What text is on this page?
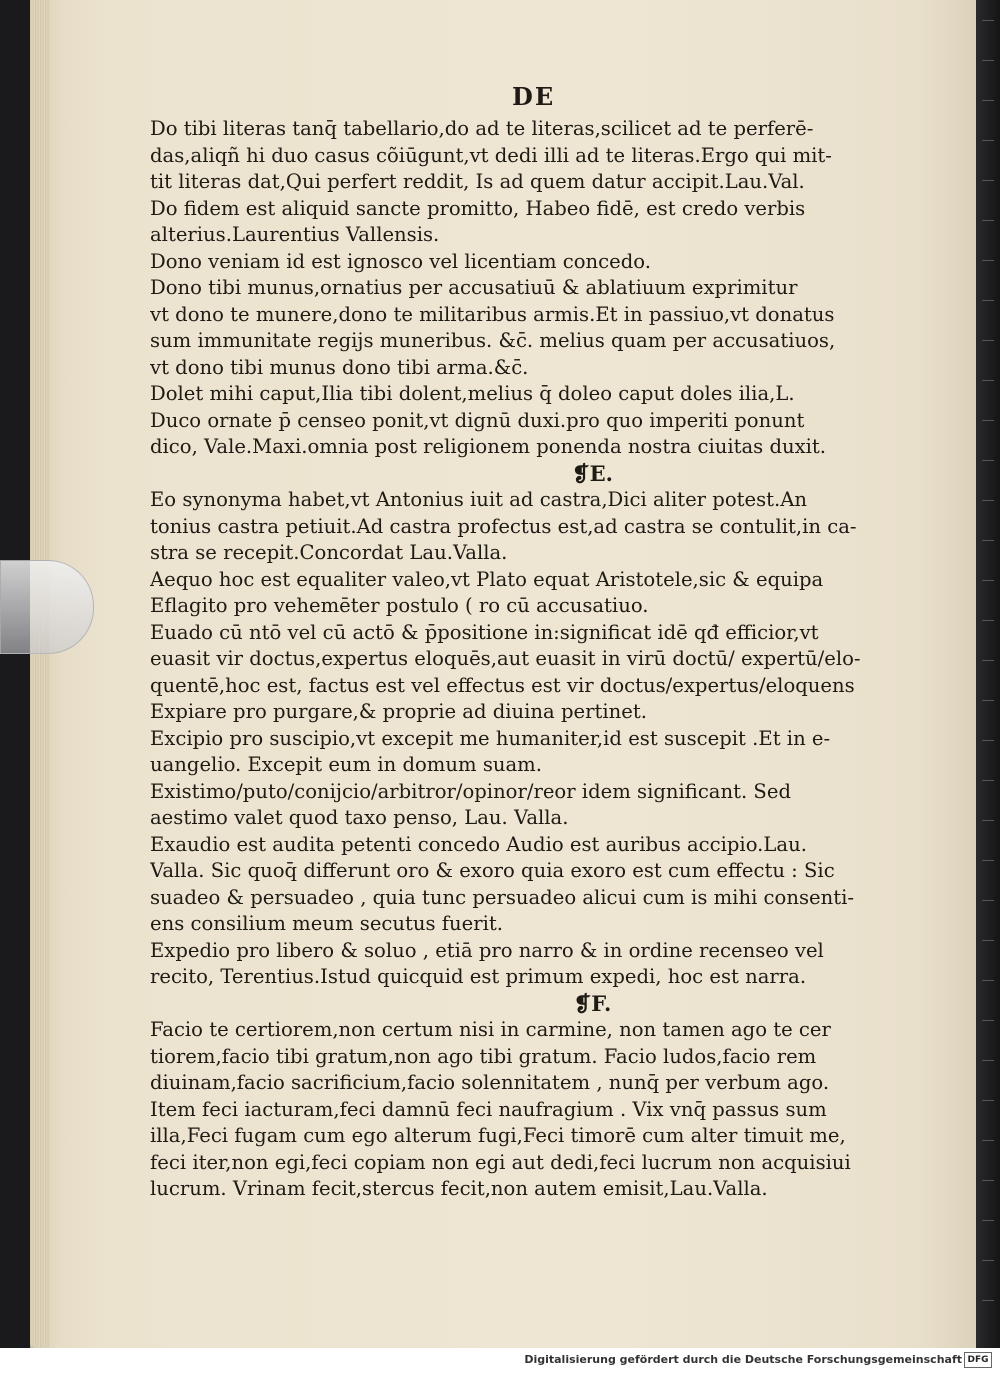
DE
Do tibi literas tanq̄ tabellario,do ad te literas,scilicet ad te perferē-
das,aliqñ hi duo casus cõiūgunt,vt dedi illi ad te literas.Ergo qui mit-
tit literas dat,Qui perfert reddit, Is ad quem datur accipit.Lau.Val.
Do fidem est aliquid sancte promitto, Habeo fidē, est credo verbis
alterius.Laurentius Vallensis.
Dono veniam id est ignosco vel licentiam concedo.
Dono tibi munus,ornatius per accusatiuū & ablatiuum exprimitur
vt dono te munere,dono te militaribus armis.Et in passiuo,vt donatus
sum immunitate regijs muneribus. &c̄. melius quam per accusatiuos,
vt dono tibi munus dono tibi arma.&c̄.
Dolet mihi caput,Ilia tibi dolent,melius q̄ doleo caput doles ilia,L.
Duco ornate p̄ censeo ponit,vt dignū duxi.pro quo imperiti ponunt
dico, Vale.Maxi.omnia post religionem ponenda nostra ciuitas duxit.
❡E.
Eo synonyma habet,vt Antonius iuit ad castra,Dici aliter potest.An
tonius castra petiuit.Ad castra profectus est,ad castra se contulit,in ca-
stra se recepit.Concordat Lau.Valla.
Aequo hoc est equaliter valeo,vt Plato equat Aristotele,sic & equipa
Eflagito pro vehemēter postulo ( ro cū accusatiuo.
Euado cū ntō vel cū actō & p̄positione in:significat idē qđ efficior,vt
euasit vir doctus,expertus eloquēs,aut euasit in virū doctū/ expertū/elo-
quentē,hoc est, factus est vel effectus est vir doctus/expertus/eloquens
Expiare pro purgare,& proprie ad diuina pertinet.
Excipio pro suscipio,vt excepit me humaniter,id est suscepit .Et in e-
uangelio. Excepit eum in domum suam.
Existimo/puto/conijcio/arbitror/opinor/reor idem significant. Sed
aestimo valet quod taxo penso, Lau. Valla.
Exaudio est audita petenti concedo Audio est auribus accipio.Lau.
Valla. Sic quoq̄ differunt oro & exoro quia exoro est cum effectu : Sic
suadeo & persuadeo , quia tunc persuadeo alicui cum is mihi consenti-
ens consilium meum secutus fuerit.
Expedio pro libero & soluo , etiā pro narro & in ordine recenseo vel
recito, Terentius.Istud quicquid est primum expedi, hoc est narra.
❡F.
Facio te certiorem,non certum nisi in carmine, non tamen ago te cer
tiorem,facio tibi gratum,non ago tibi gratum. Facio ludos,facio rem
diuinam,facio sacrificium,facio solennitatem , nunq̄ per verbum ago.
Item feci iacturam,feci damnū feci naufragium . Vix vnq̄ passus sum
illa,Feci fugam cum ego alterum fugi,Feci timorē cum alter timuit me,
feci iter,non egi,feci copiam non egi aut dedi,feci lucrum non acquisiui
lucrum. Vrinam fecit,stercus fecit,non autem emisit,Lau.Valla.
Digitalisierung gefördert durch die Deutsche Forschungsgemeinschaft DFG
